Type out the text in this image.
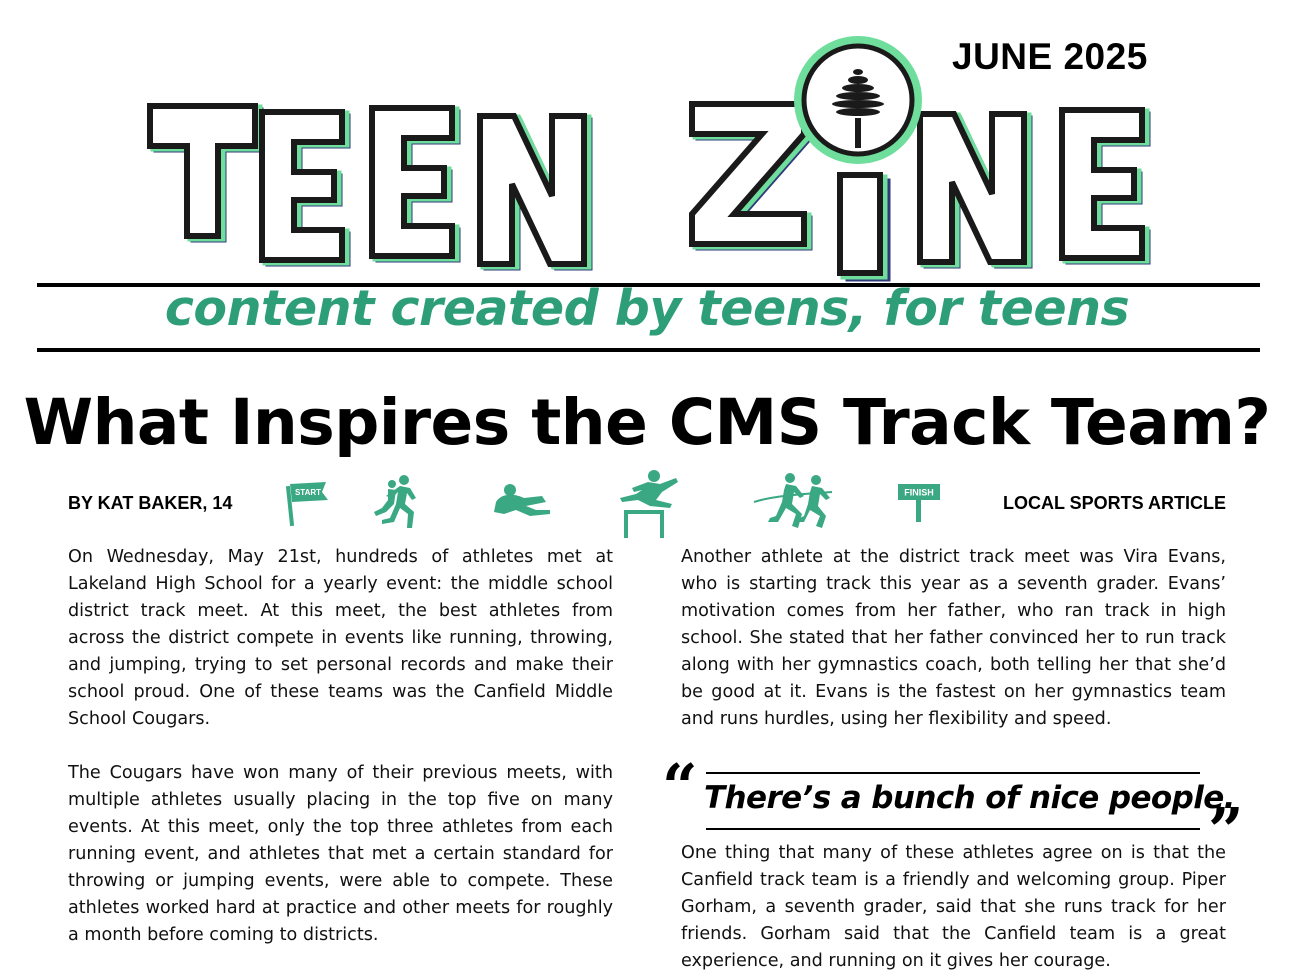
JUNE 2025
content created by teens, for teens
What Inspires the CMS Track Team?
BY KAT BAKER, 14	LOCAL SPORTS ARTICLE
START	FINISH

On Wednesday, May 21st, hundreds of athletes met at Lakeland High School for a yearly event: the middle school district track meet. At this meet, the best athletes from across the district compete in events like running, throwing, and jumping, trying to set personal records and make their school proud. One of these teams was the Canfield Middle School Cougars.

The Cougars have won many of their previous meets, with multiple athletes usually placing in the top five on many events. At this meet, only the top three athletes from each running event, and athletes that met a certain standard for throwing or jumping events, were able to compete. These athletes worked hard at practice and other meets for roughly a month before coming to districts.

Another athlete at the district track meet was Vira Evans, who is starting track this year as a seventh grader. Evans’ motivation comes from her father, who ran track in high school. She stated that her father convinced her to run track along with her gymnastics coach, both telling her that she’d be good at it. Evans is the fastest on her gymnastics team and runs hurdles, using her flexibility and speed.

“ There’s a bunch of nice people.
”

One thing that many of these athletes agree on is that the Canfield track team is a friendly and welcoming group. Piper Gorham, a seventh grader, said that she runs track for her friends. Gorham said that the Canfield team is a great experience, and running on it gives her courage.
